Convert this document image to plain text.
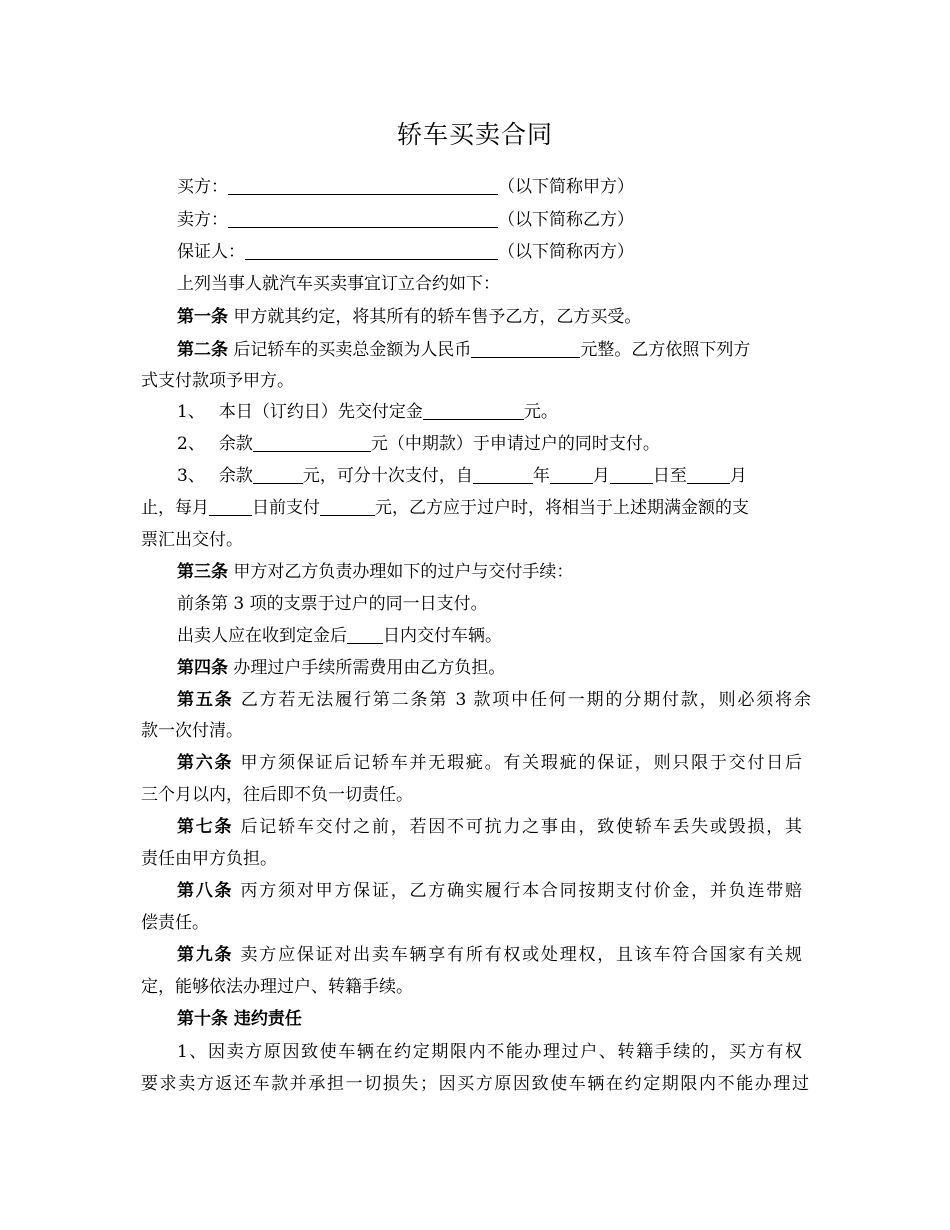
轿车买卖合同
买方：	（以下简称甲方）
卖方：	（以下简称乙方）
保证人：	（以下简称丙方）
上列当事人就汽车买卖事宜订立合约如下：
第一条 甲方就其约定，将其所有的轿车售予乙方，乙方买受。
第二条 后记轿车的买卖总金额为人民币	元整。乙方依照下列方
式支付款项予甲方。
1、 本日（订约日）先交付定金	元。
2、 余款	元（中期款）于申请过户的同时支付。
3、 余款	元，可分十次支付，自	年	月	日至	月
止，每月	日前支付	元，乙方应于过户时，将相当于上述期满金额的支
票汇出交付。
第三条 甲方对乙方负责办理如下的过户与交付手续：
前条第 3 项的支票于过户的同一日支付。
出卖人应在收到定金后 日内交付车辆。
第四条 办理过户手续所需费用由乙方负担。
第五条 乙方若无法履行第二条第 3 款项中任何一期的分期付款，则必须将余
款一次付清。
第六条 甲方须保证后记轿车并无瑕疵。有关瑕疵的保证，则只限于交付日后
三个月以内，往后即不负一切责任。
第七条 后记轿车交付之前，若因不可抗力之事由，致使轿车丢失或毁损，其
责任由甲方负担。
第八条 丙方须对甲方保证，乙方确实履行本合同按期支付价金，并负连带赔
偿责任。
第九条 卖方应保证对出卖车辆享有所有权或处理权，且该车符合国家有关规
定，能够依法办理过户、转籍手续。
第十条 违约责任
1、因卖方原因致使车辆在约定期限内不能办理过户、转籍手续的，买方有权
要求卖方返还车款并承担一切损失；因买方原因致使车辆在约定期限内不能办理过
